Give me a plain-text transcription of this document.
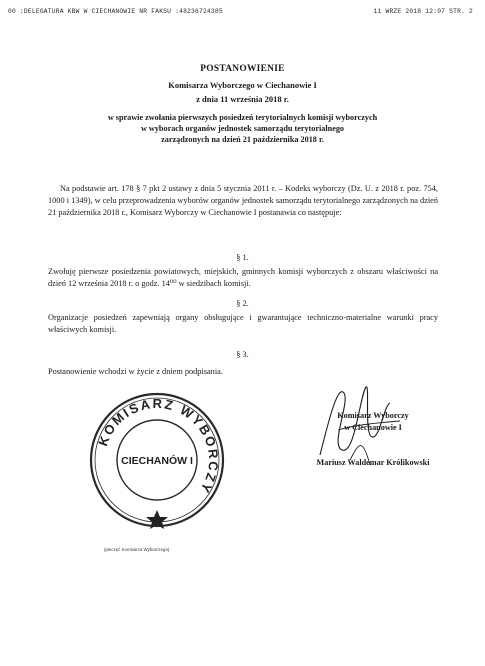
00 :DELEGATURA KBW W CIECHANOWIE NR FAKSU :48236724385	11 WRZE 2018 12:07 STR. 2
POSTANOWIENIE
Komisarza Wyborczego w Ciechanowie I
z dnia 11 września 2018 r.
w sprawie zwołania pierwszych posiedzeń terytorialnych komisji wyborczych
w wyborach organów jednostek samorządu terytorialnego
zarządzonych na dzień 21 października 2018 r.
Na podstawie art. 178 § 7 pkt 2 ustawy z dnia 5 stycznia 2011 r. – Kodeks wyborczy (Dz. U. z 2018 r. poz. 754, 1000 i 1349), w celu przeprowadzenia wyborów organów jednostek samorządu terytorialnego zarządzonych na dzień 21 października 2018 r., Komisarz Wyborczy w Ciechanowie I postanawia co następuje:
§ 1.
Zwołuję pierwsze posiedzenia powiatowych, miejskich, gminnych komisji wyborczych z obszaru właściwości na dzień 12 września 2018 r. o godz. 14⁰⁰ w siedzibach komisji.
§ 2.
Organizacje posiedzeń zapewniają organy obsługujące i gwarantujące techniczno-materialne warunki pracy właściwych komisji.
§ 3.
Postanowienie wchodzi w życie z dniem podpisania.
KOMISARZ WYBORCZY
CIECHANÓW I
(pieczęć Komisarza Wyborczego)
Komisarz Wyborczy
w Ciechanowie I
Mariusz Waldemar Królikowski
